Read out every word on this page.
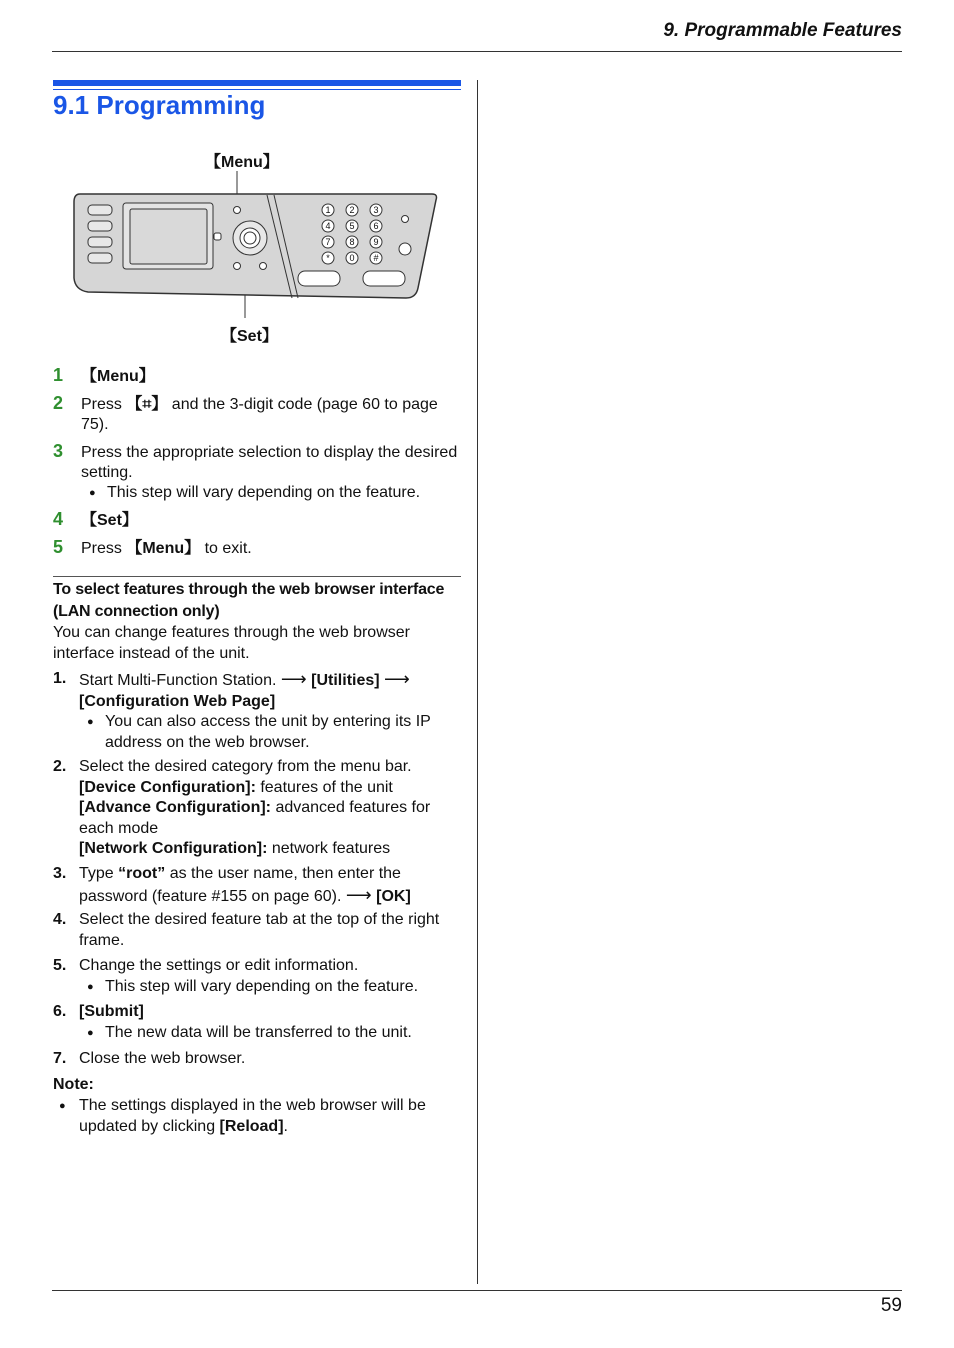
9. Programmable Features
9.1 Programming
【Menu】
【Set】
1 2 3
4 5 6
7 8 9
* 0 #
1 【Menu】
2 Press 【⌗】 and the 3-digit code (page 60 to page 75).
3 Press the appropriate selection to display the desired setting.
● This step will vary depending on the feature.
4 【Set】
5 Press 【Menu】 to exit.
To select features through the web browser interface (LAN connection only)
You can change features through the web browser interface instead of the unit.
1. Start Multi-Function Station. ⟶ [Utilities] ⟶
[Configuration Web Page]
● You can also access the unit by entering its IP address on the web browser.
2. Select the desired category from the menu bar.
[Device Configuration]: features of the unit
[Advance Configuration]: advanced features for each mode
[Network Configuration]: network features
3. Type “root” as the user name, then enter the password (feature #155 on page 60). ⟶ [OK]
4. Select the desired feature tab at the top of the right frame.
5. Change the settings or edit information.
● This step will vary depending on the feature.
6. [Submit]
● The new data will be transferred to the unit.
7. Close the web browser.
Note:
● The settings displayed in the web browser will be updated by clicking [Reload].
59
